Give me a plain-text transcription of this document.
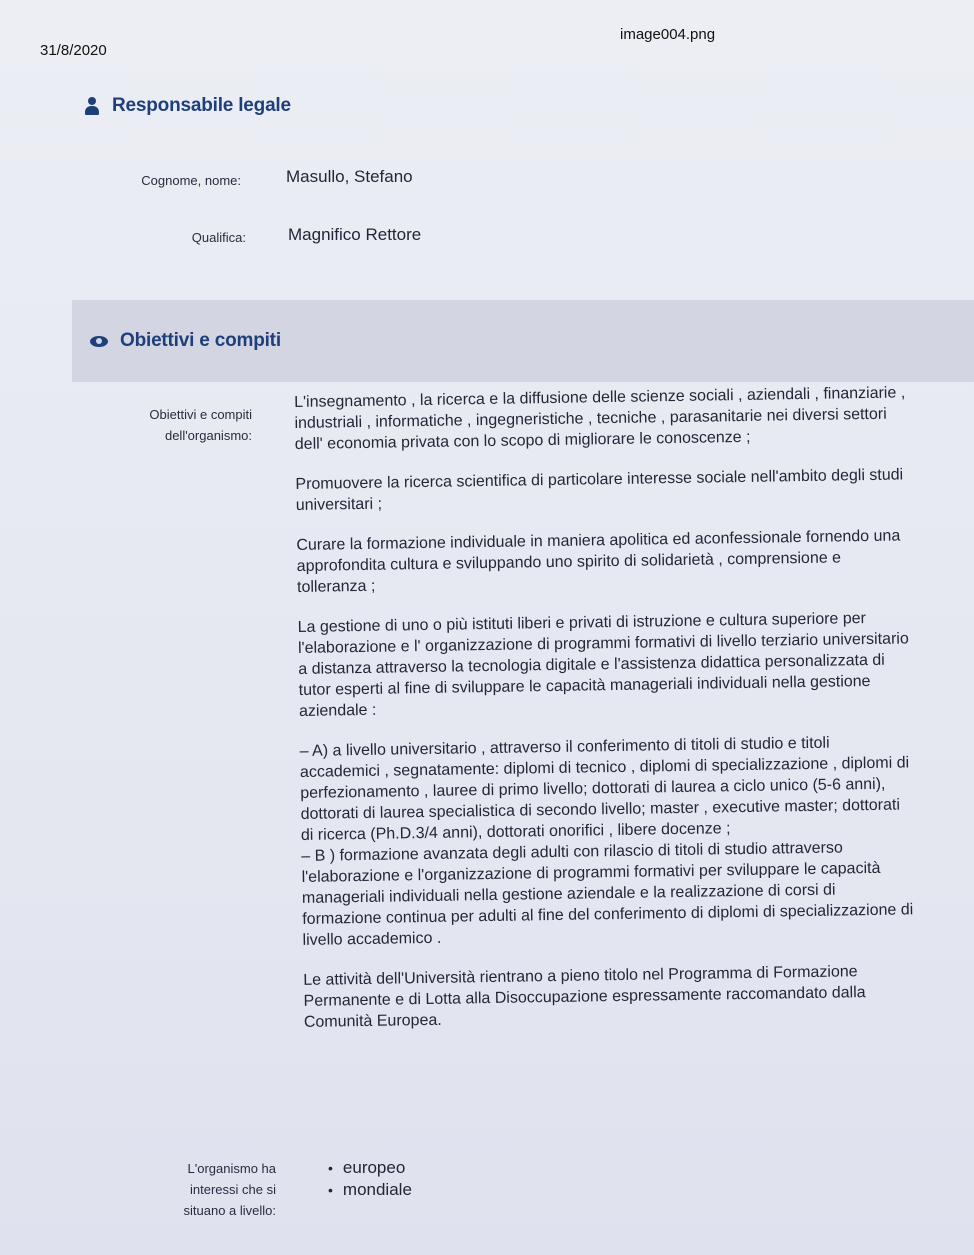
31/8/2020
image004.png
Responsabile legale
Cognome, nome:	Masullo, Stefano
Qualifica: Magnifico Rettore
Obiettivi e compiti
Obiettivi e compiti dell'organismo:

L'insegnamento , la ricerca e la diffusione delle scienze sociali , aziendali , finanziarie , industriali , informatiche , ingegneristiche , tecniche , parasanitarie nei diversi settori dell' economia privata con lo scopo di migliorare le conoscenze ;

Promuovere la ricerca scientifica di particolare interesse sociale nell'ambito degli studi universitari ;

Curare la formazione individuale in maniera apolitica ed aconfessionale fornendo una approfondita cultura e sviluppando uno spirito di solidarietà , comprensione e tolleranza ;

La gestione di uno o più istituti liberi e privati di istruzione e cultura superiore per l'elaborazione e l' organizzazione di programmi formativi di livello terziario universitario a distanza attraverso la tecnologia digitale e l'assistenza didattica personalizzata di tutor esperti al fine di sviluppare le capacità manageriali individuali nella gestione aziendale :

– A) a livello universitario , attraverso il conferimento di titoli di studio e titoli accademici , segnatamente: diplomi di tecnico , diplomi di specializzazione , diplomi di perfezionamento , lauree di primo livello; dottorati di laurea a ciclo unico (5-6 anni), dottorati di laurea specialistica di secondo livello; master , executive master; dottorati di ricerca (Ph.D.3/4 anni), dottorati onorifici , libere docenze ;

– B ) formazione avanzata degli adulti con rilascio di titoli di studio attraverso l'elaborazione e l'organizzazione di programmi formativi per sviluppare le capacità manageriali individuali nella gestione aziendale e la realizzazione di corsi di formazione continua per adulti al fine del conferimento di diplomi di specializzazione di livello accademico .

Le attività dell'Università rientrano a pieno titolo nel Programma di Formazione Permanente e di Lotta alla Disoccupazione espressamente raccomandato dalla Comunità Europea.

L'organismo ha interessi che si situano a livello:
• europeo
• mondiale
